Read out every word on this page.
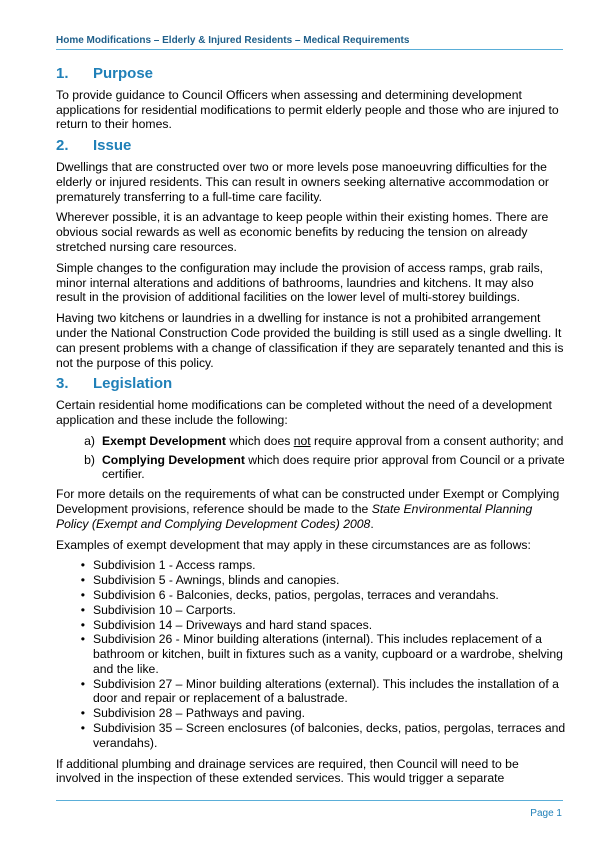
Home Modifications – Elderly & Injured Residents – Medical Requirements
1.	Purpose

To provide guidance to Council Officers when assessing and determining development applications for residential modifications to permit elderly people and those who are injured to return to their homes.

2.	Issue

Dwellings that are constructed over two or more levels pose manoeuvring difficulties for the elderly or injured residents. This can result in owners seeking alternative accommodation or prematurely transferring to a full-time care facility.

Wherever possible, it is an advantage to keep people within their existing homes. There are obvious social rewards as well as economic benefits by reducing the tension on already stretched nursing care resources.

Simple changes to the configuration may include the provision of access ramps, grab rails, minor internal alterations and additions of bathrooms, laundries and kitchens. It may also result in the provision of additional facilities on the lower level of multi-storey buildings.

Having two kitchens or laundries in a dwelling for instance is not a prohibited arrangement under the National Construction Code provided the building is still used as a single dwelling. It can present problems with a change of classification if they are separately tenanted and this is not the purpose of this policy.

3.	Legislation

Certain residential home modifications can be completed without the need of a development application and these include the following:

a) Exempt Development which does not require approval from a consent authority; and
b) Complying Development which does require prior approval from Council or a private certifier.

For more details on the requirements of what can be constructed under Exempt or Complying Development provisions, reference should be made to the State Environmental Planning Policy (Exempt and Complying Development Codes) 2008.

Examples of exempt development that may apply in these circumstances are as follows:

• Subdivision 1 - Access ramps.
• Subdivision 5 - Awnings, blinds and canopies.
• Subdivision 6 - Balconies, decks, patios, pergolas, terraces and verandahs.
• Subdivision 10 – Carports.
• Subdivision 14 – Driveways and hard stand spaces.
• Subdivision 26 - Minor building alterations (internal). This includes replacement of a bathroom or kitchen, built in fixtures such as a vanity, cupboard or a wardrobe, shelving and the like.
• Subdivision 27 – Minor building alterations (external). This includes the installation of a door and repair or replacement of a balustrade.
• Subdivision 28 – Pathways and paving.
• Subdivision 35 – Screen enclosures (of balconies, decks, patios, pergolas, terraces and verandahs).

If additional plumbing and drainage services are required, then Council will need to be involved in the inspection of these extended services. This would trigger a separate

Page 1
